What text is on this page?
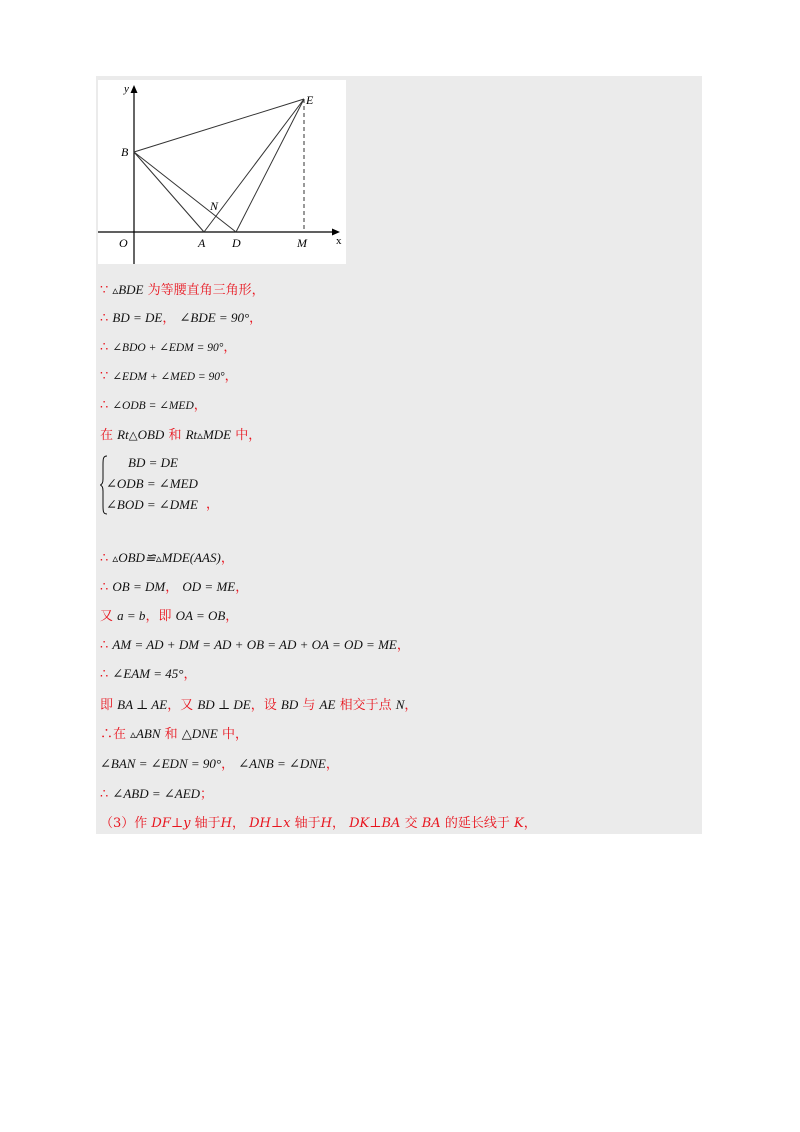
y
x
O
B
A D	M
E
N
∵ ▵BDE 为等腰直角三角形，
∴ BD = DE， ∠BDE = 90°，
∴ ∠BDO + ∠EDM = 90°，
∵ ∠EDM + ∠MED = 90°，
∴ ∠ODB = ∠MED，
在 Rt△OBD 和 Rt▵MDE 中，
BD = DE
∠ODB = ∠MED
∠BOD = ∠DME ，
∴ ▵OBD≌▵MDE(AAS)，
∴ OB = DM， OD = ME，
又 a = b，即 OA = OB，
∴ AM = AD + DM = AD + OB = AD + OA = OD = ME，
∴ ∠EAM = 45°，
即 BA ⊥ AE，又 BD ⊥ DE，设 BD 与 AE 相交于点 N，
∴在 ▵ABN 和 △DNE 中，
∠BAN = ∠EDN = 90°， ∠ANB = ∠DNE，
∴ ∠ABD = ∠AED；
（3）作 DF⊥y 轴于H， DH⊥x 轴于H， DK⊥BA 交 BA 的延长线于 K，
